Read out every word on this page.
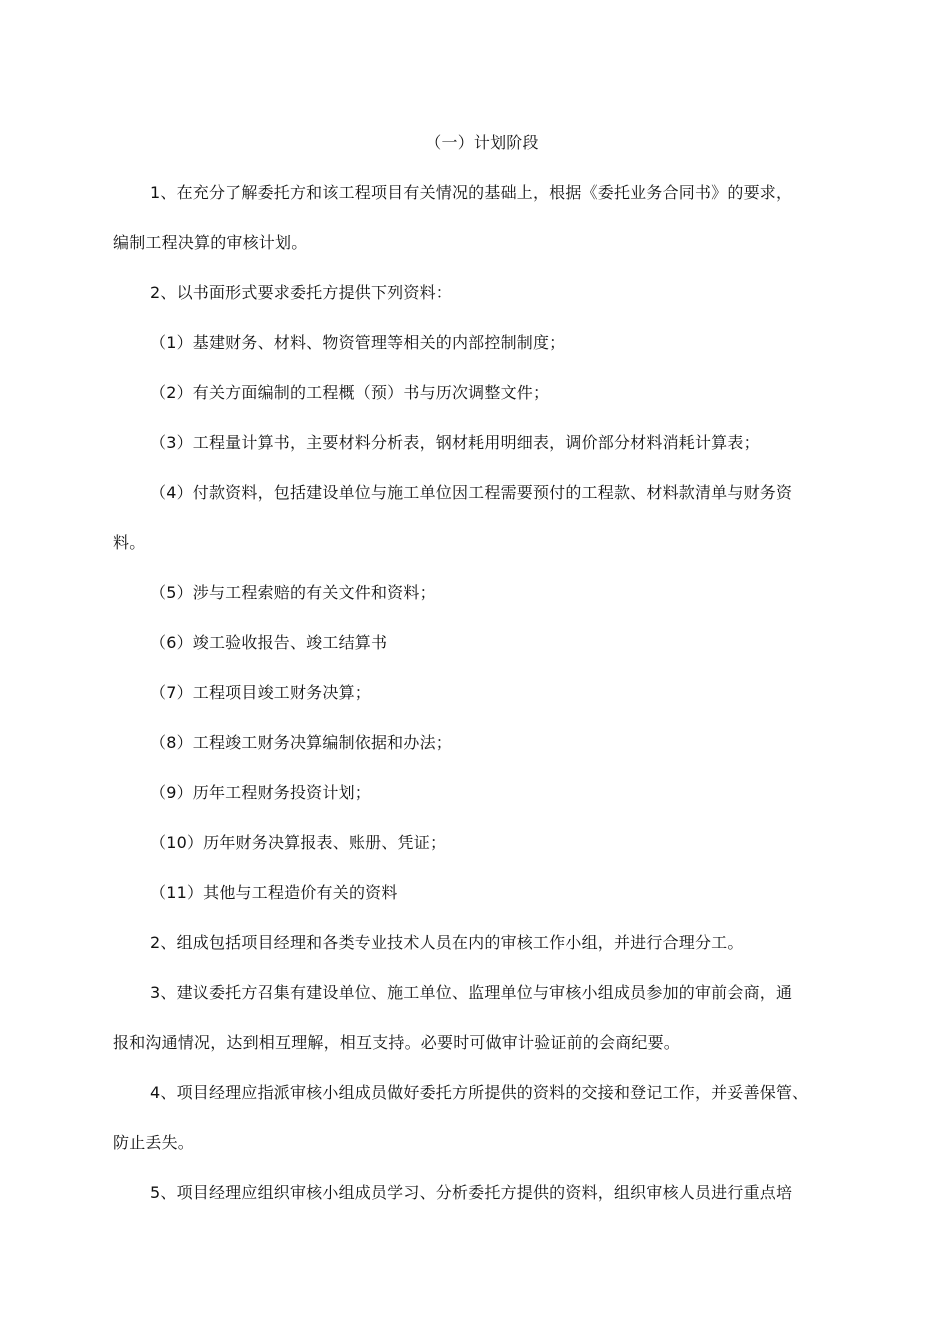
（一）计划阶段
1、在充分了解委托方和该工程项目有关情况的基础上，根据《委托业务合同书》的要求，
编制工程决算的审核计划。
2、以书面形式要求委托方提供下列资料：
（1）基建财务、材料、物资管理等相关的内部控制制度；
（2）有关方面编制的工程概（预）书与历次调整文件；
（3）工程量计算书，主要材料分析表，钢材耗用明细表，调价部分材料消耗计算表；
（4）付款资料，包括建设单位与施工单位因工程需要预付的工程款、材料款清单与财务资
料。
（5）涉与工程索赔的有关文件和资料；
（6）竣工验收报告、竣工结算书
（7）工程项目竣工财务决算；
（8）工程竣工财务决算编制依据和办法；
（9）历年工程财务投资计划；
（10）历年财务决算报表、账册、凭证；
（11）其他与工程造价有关的资料
2、组成包括项目经理和各类专业技术人员在内的审核工作小组，并进行合理分工。
3、建议委托方召集有建设单位、施工单位、监理单位与审核小组成员参加的审前会商，通
报和沟通情况，达到相互理解，相互支持。必要时可做审计验证前的会商纪要。
4、项目经理应指派审核小组成员做好委托方所提供的资料的交接和登记工作，并妥善保管、
防止丢失。
5、项目经理应组织审核小组成员学习、分析委托方提供的资料，组织审核人员进行重点培
